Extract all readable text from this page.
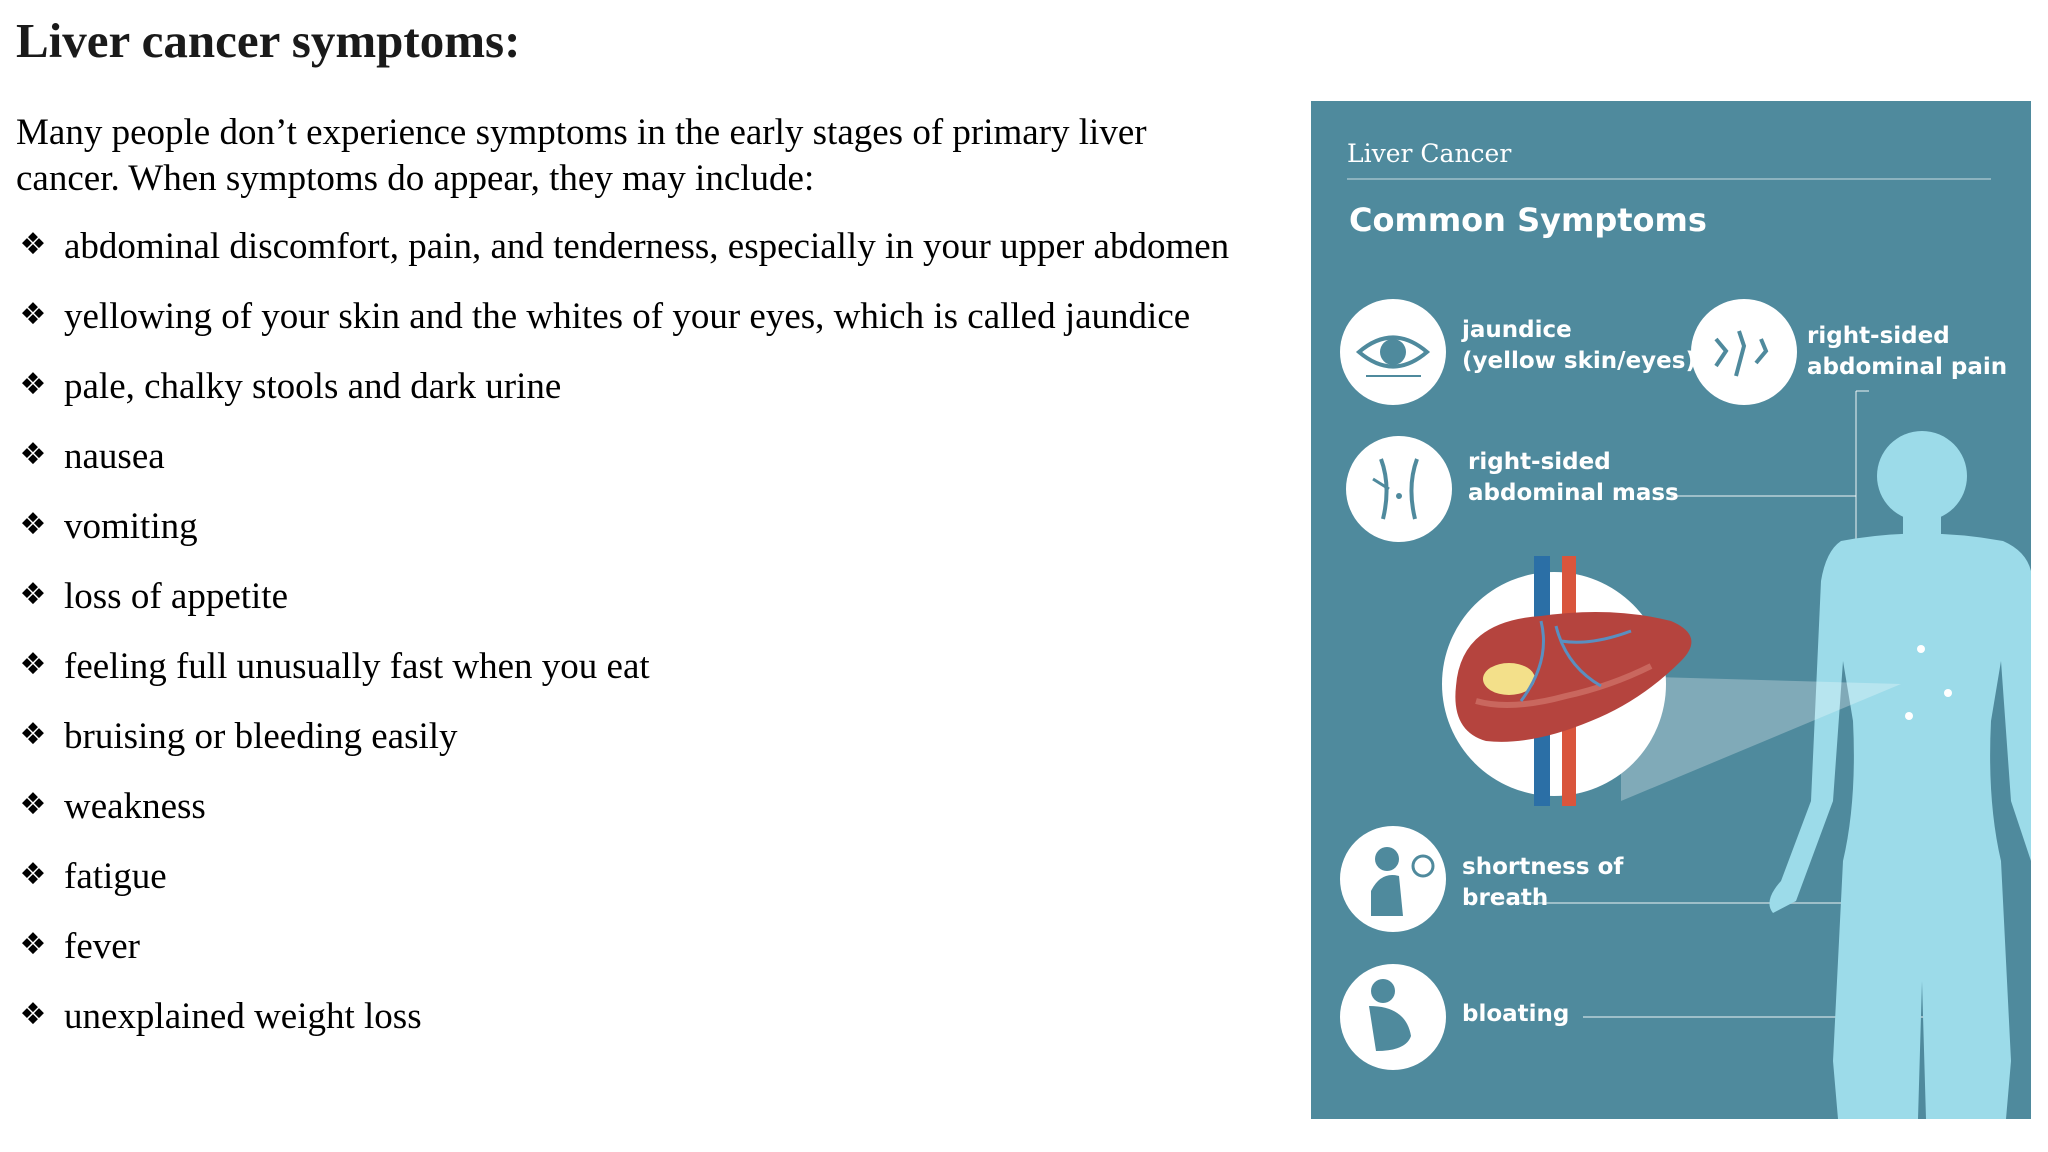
Liver cancer symptoms:

Many people don’t experience symptoms in the early stages of primary liver cancer. When symptoms do appear, they may include:

❖ abdominal discomfort, pain, and tenderness, especially in your upper abdomen
❖ yellowing of your skin and the whites of your eyes, which is called jaundice
❖ pale, chalky stools and dark urine
❖ nausea
❖ vomiting
❖ loss of appetite
❖ feeling full unusually fast when you eat
❖ bruising or bleeding easily
❖ weakness
❖ fatigue
❖ fever
❖ unexplained weight loss
Liver Cancer
Common Symptoms
jaundice
(yellow skin/eyes)
right-sided
abdominal pain
right-sided
abdominal mass
shortness of
breath
bloating
